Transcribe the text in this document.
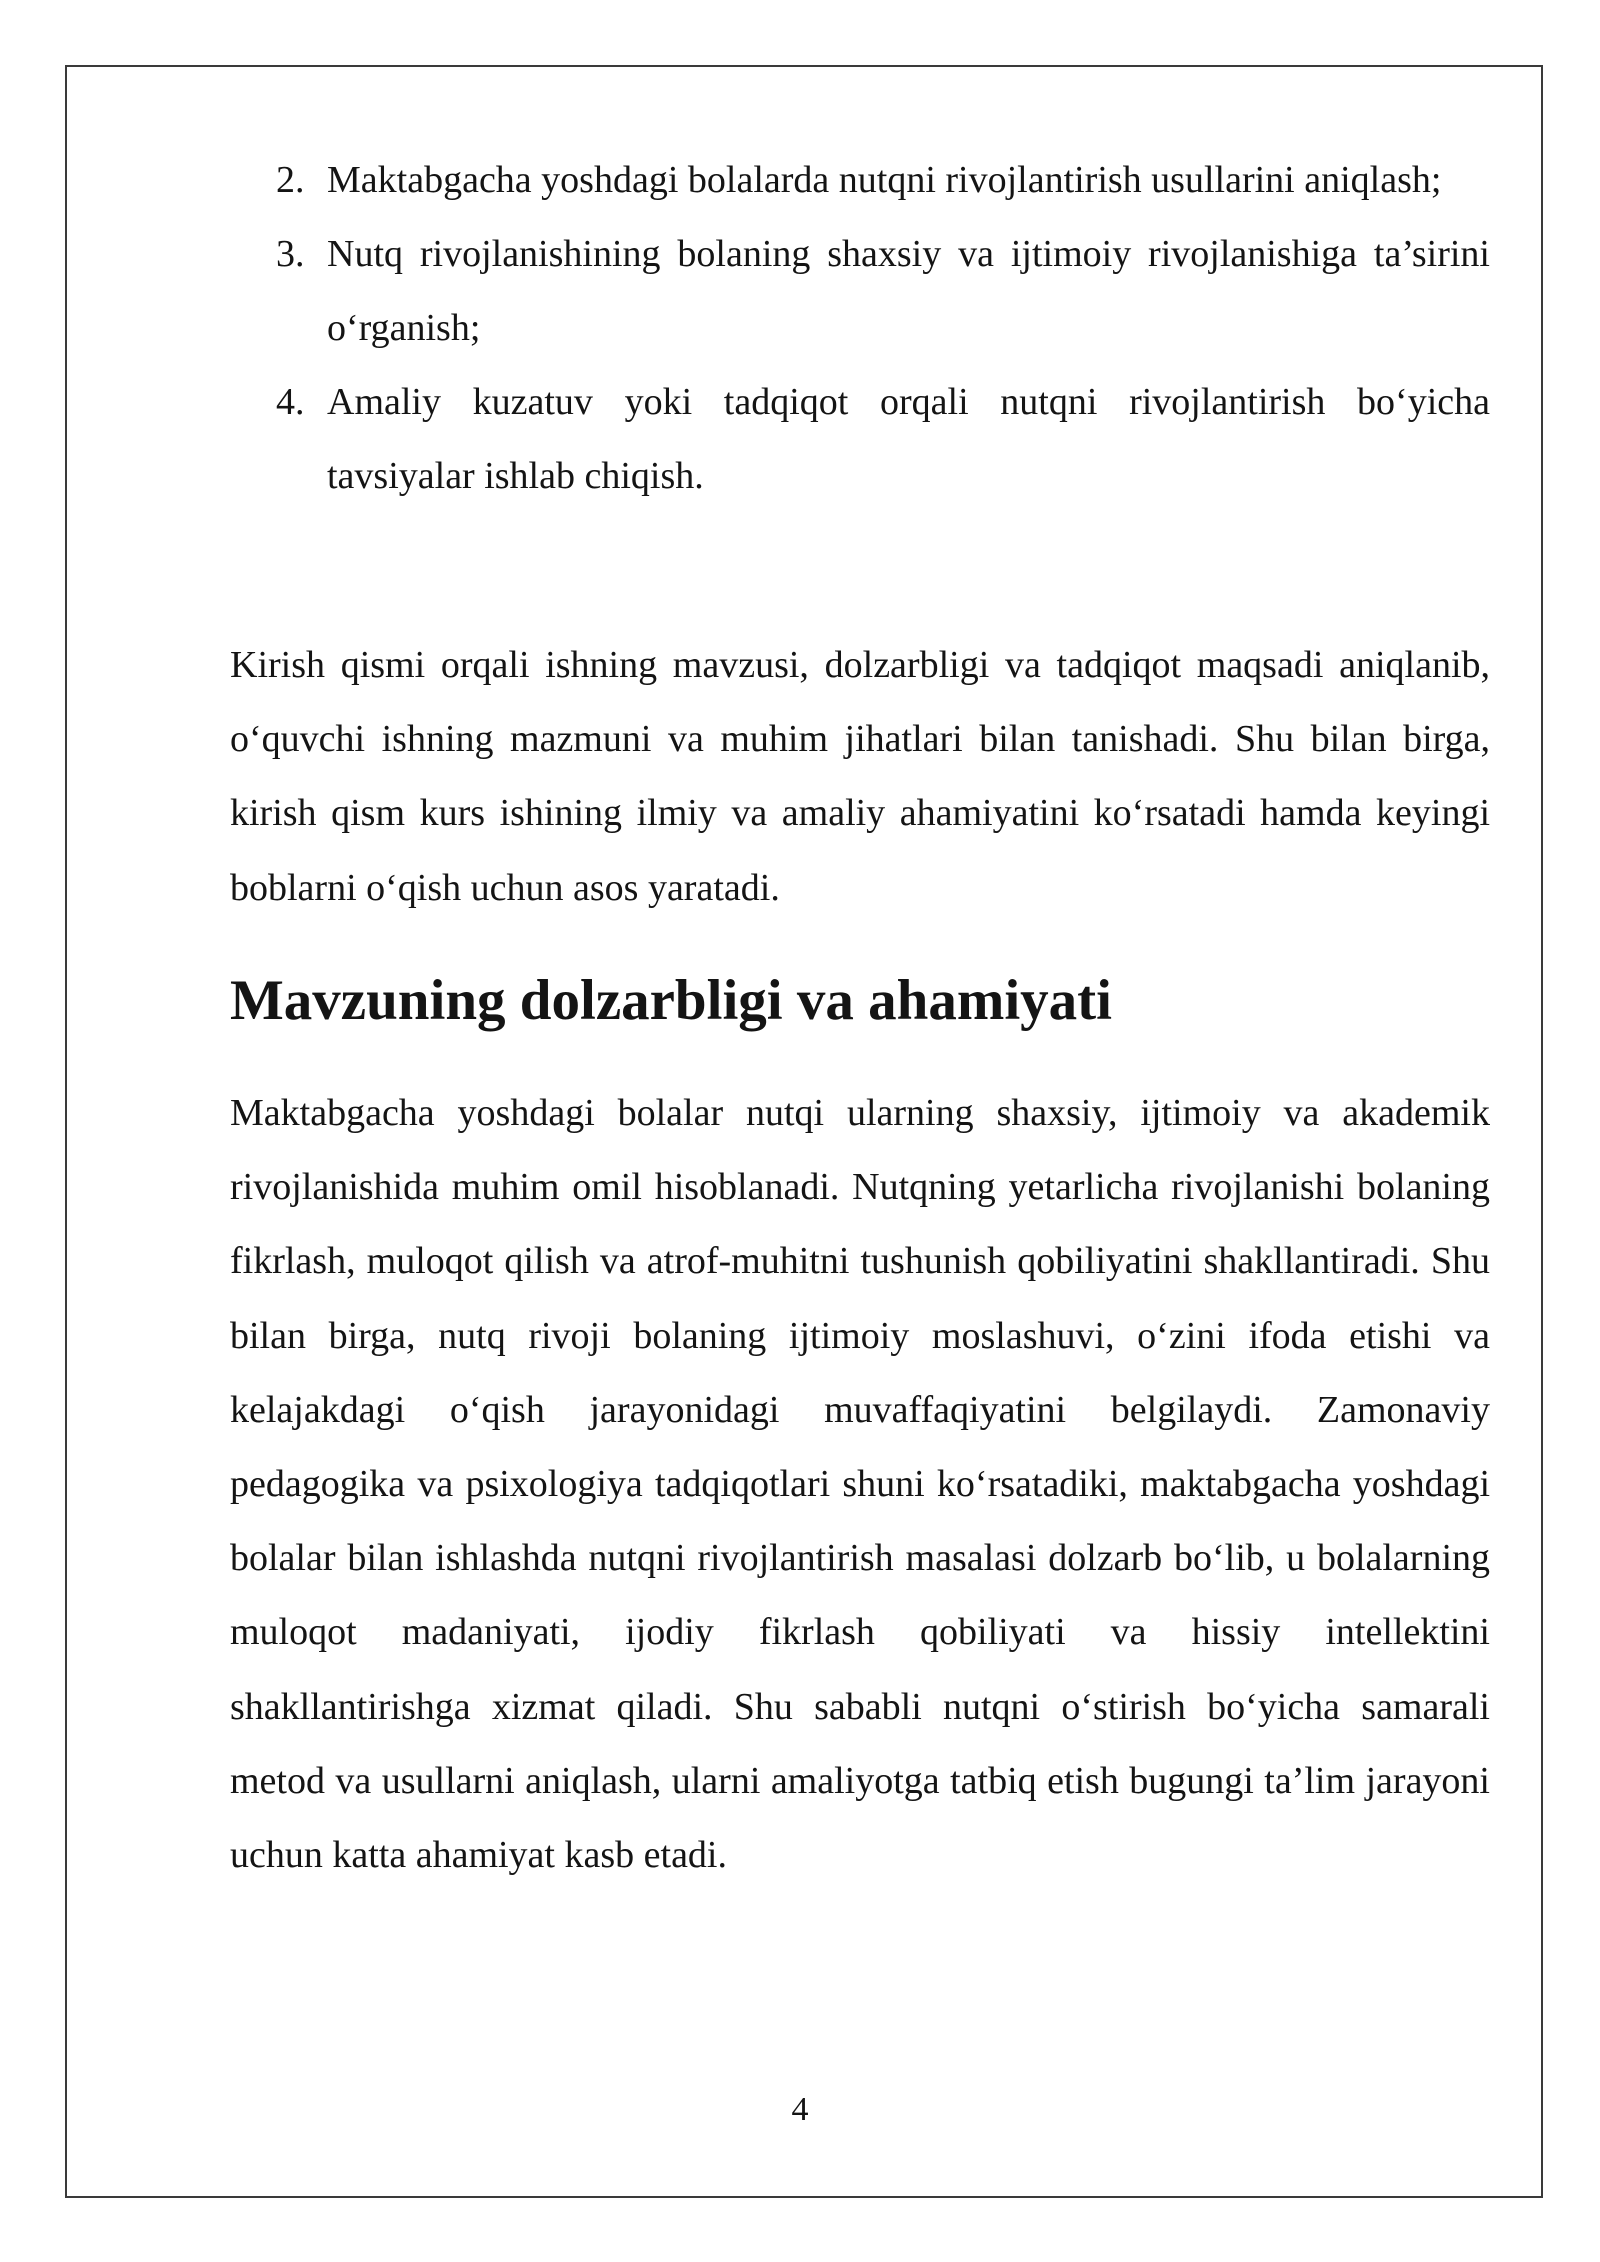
2. Maktabgacha yoshdagi bolalarda nutqni rivojlantirish usullarini aniqlash;
3. Nutq rivojlanishining bolaning shaxsiy va ijtimoiy rivojlanishiga ta’sirini o‘rganish;
4. Amaliy kuzatuv yoki tadqiqot orqali nutqni rivojlantirish bo‘yicha tavsiyalar ishlab chiqish.

Kirish qismi orqali ishning mavzusi, dolzarbligi va tadqiqot maqsadi aniqlanib, o‘quvchi ishning mazmuni va muhim jihatlari bilan tanishadi. Shu bilan birga, kirish qism kurs ishining ilmiy va amaliy ahamiyatini ko‘rsatadi hamda keyingi boblarni o‘qish uchun asos yaratadi.

Mavzuning dolzarbligi va ahamiyati

Maktabgacha yoshdagi bolalar nutqi ularning shaxsiy, ijtimoiy va akademik rivojlanishida muhim omil hisoblanadi. Nutqning yetarlicha rivojlanishi bolaning fikrlash, muloqot qilish va atrof-muhitni tushunish qobiliyatini shakllantiradi. Shu bilan birga, nutq rivoji bolaning ijtimoiy moslashuvi, o‘zini ifoda etishi va kelajakdagi o‘qish jarayonidagi muvaffaqiyatini belgilaydi. Zamonaviy pedagogika va psixologiya tadqiqotlari shuni ko‘rsatadiki, maktabgacha yoshdagi bolalar bilan ishlashda nutqni rivojlantirish masalasi dolzarb bo‘lib, u bolalarning muloqot madaniyati, ijodiy fikrlash qobiliyati va hissiy intellektini shakllantirishga xizmat qiladi. Shu sababli nutqni o‘stirish bo‘yicha samarali metod va usullarni aniqlash, ularni amaliyotga tatbiq etish bugungi ta’lim jarayoni uchun katta ahamiyat kasb etadi.

4
